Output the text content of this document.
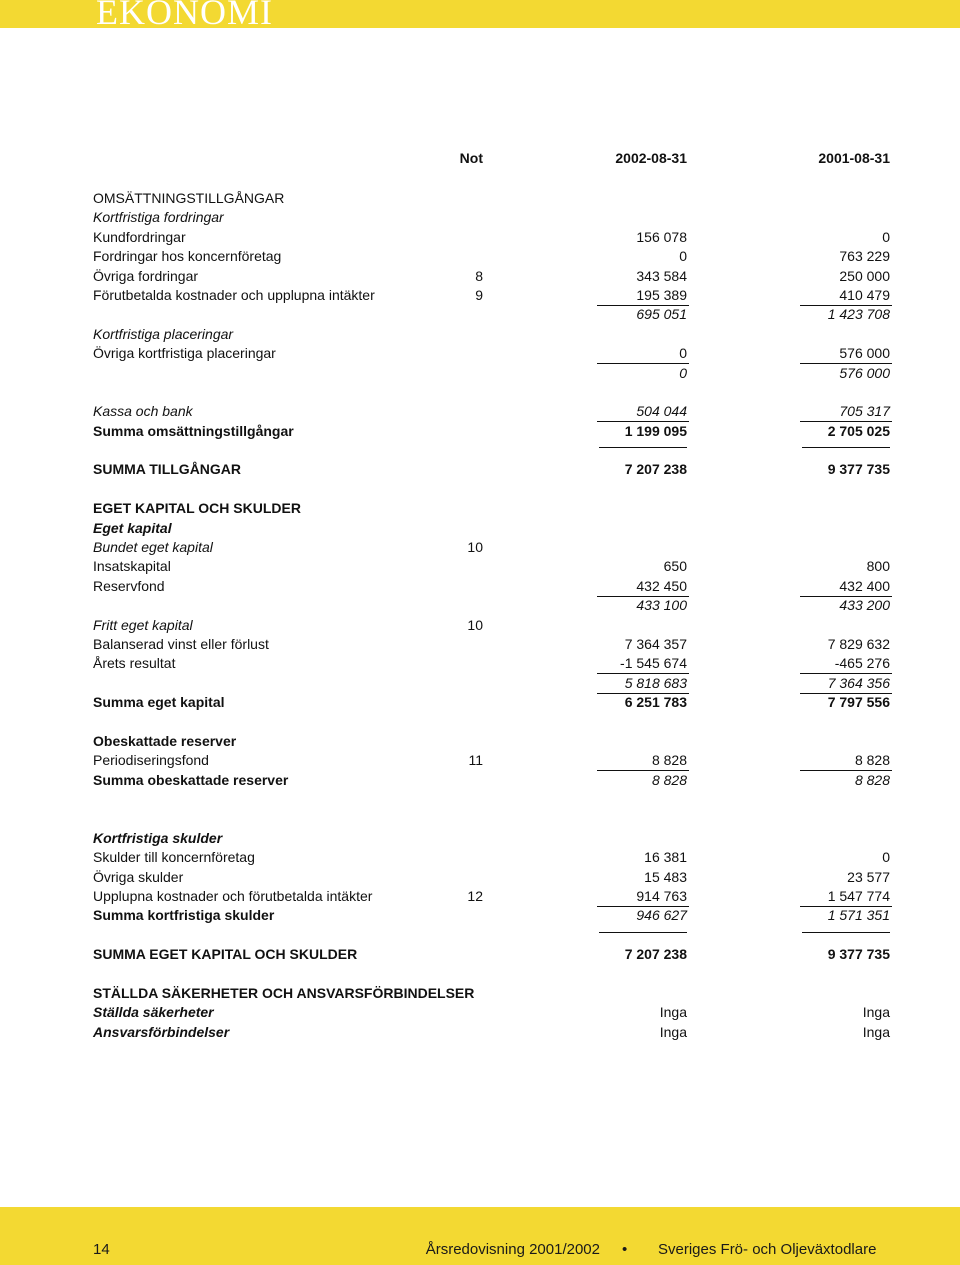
EKONOMI
Not	2002-08-31	2001-08-31
OMSÄTTNINGSTILLGÅNGAR
Kortfristiga fordringar
Kundfordringar	156 078	0
Fordringar hos koncernföretag	0	763 229
Övriga fordringar	8	343 584	250 000
Förutbetalda kostnader och upplupna intäkter	9	195 389	410 479
695 051	1 423 708
Kortfristiga placeringar
Övriga kortfristiga placeringar	0	576 000
0	576 000
Kassa och bank	504 044	705 317
Summa omsättningstillgångar	1 199 095	2 705 025
SUMMA TILLGÅNGAR	7 207 238	9 377 735
EGET KAPITAL OCH SKULDER
Eget kapital
Bundet eget kapital	10
Insatskapital	650	800
Reservfond	432 450	432 400
433 100	433 200
Fritt eget kapital	10
Balanserad vinst eller förlust	7 364 357	7 829 632
Årets resultat	-1 545 674	-465 276
5 818 683	7 364 356
Summa eget kapital	6 251 783	7 797 556
Obeskattade reserver
Periodiseringsfond	11	8 828	8 828
Summa obeskattade reserver	8 828	8 828
Kortfristiga skulder
Skulder till koncernföretag	16 381	0
Övriga skulder	15 483	23 577
Upplupna kostnader och förutbetalda intäkter	12	914 763	1 547 774
Summa kortfristiga skulder	946 627	1 571 351
SUMMA EGET KAPITAL OCH SKULDER	7 207 238	9 377 735
STÄLLDA SÄKERHETER OCH ANSVARSFÖRBINDELSER
Ställda säkerheter	Inga	Inga
Ansvarsförbindelser	Inga	Inga
14	Årsredovisning 2001/2002 • Sveriges Frö- och Oljeväxtodlare
